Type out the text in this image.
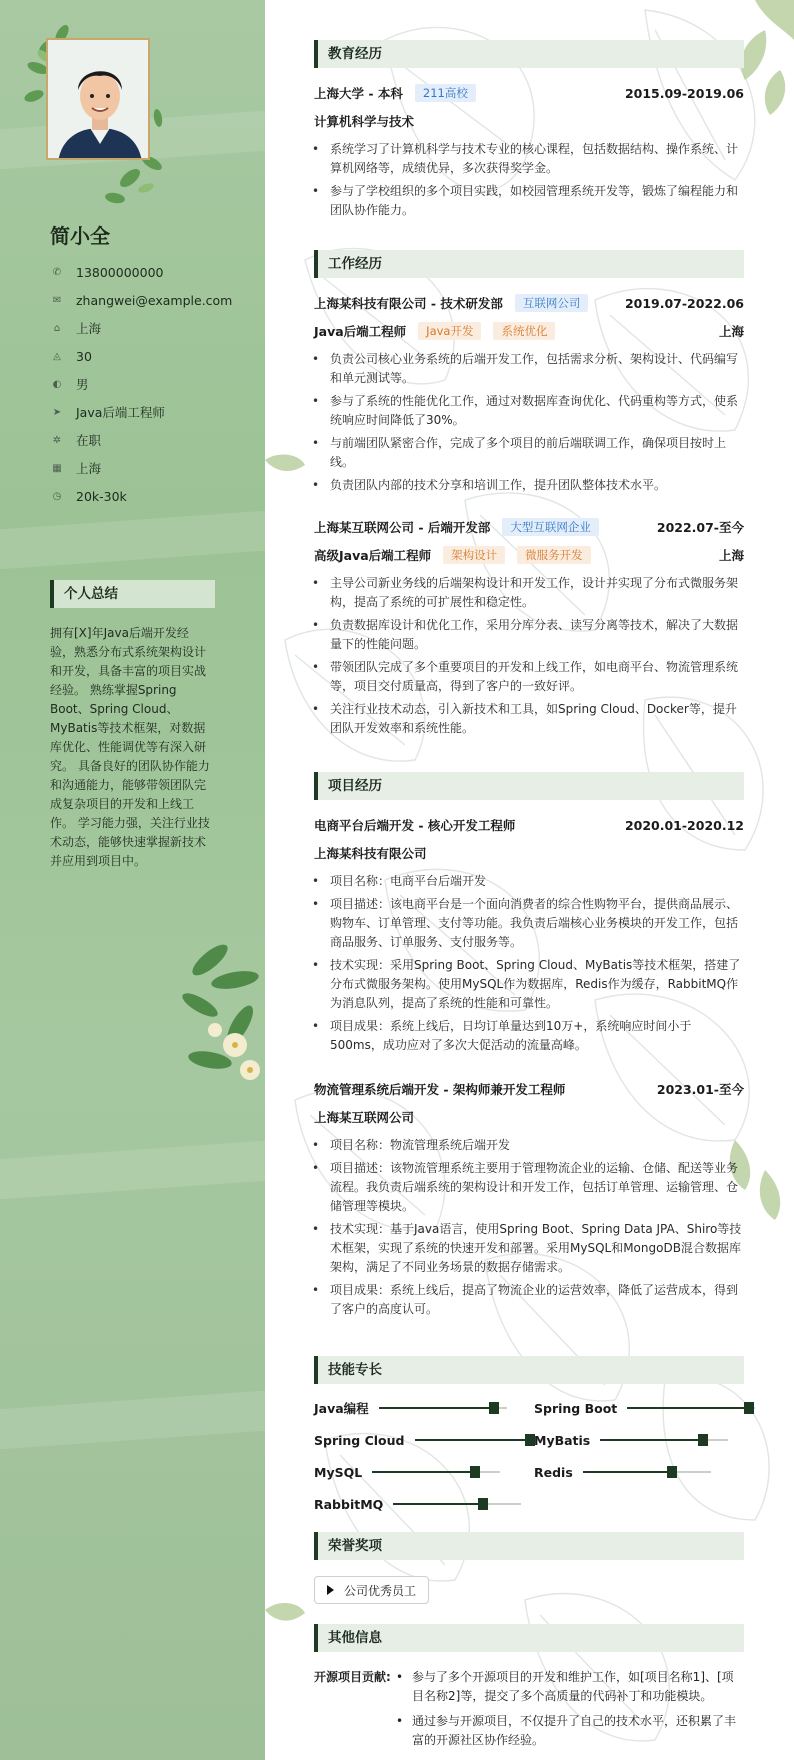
简小全
✆ 13800000000
✉ zhangwei@example.com
⌂	上海
◬ 30
◐ 男
➤ Java后端工程师
✲ 在职
▦ 上海
◷ 20k-30k
个人总结
拥有[X]年Java后端开发经验，熟悉分布式系统架构设计和开发，具备丰富的项目实战经验。 熟练掌握Spring Boot、Spring Cloud、MyBatis等技术框架，对数据库优化、性能调优等有深入研究。 具备良好的团队协作能力和沟通能力，能够带领团队完成复杂项目的开发和上线工作。 学习能力强，关注行业技术动态，能够快速掌握新技术并应用到项目中。
教育经历
上海大学 - 本科	211高校	2015.09-2019.06
计算机科学与技术
• 系统学习了计算机科学与技术专业的核心课程，包括数据结构、操作系统、计算机网络等，成绩优异，多次获得奖学金。
• 参与了学校组织的多个项目实践，如校园管理系统开发等，锻炼了编程能力和团队协作能力。
工作经历
上海某科技有限公司 - 技术研发部	互联网公司	2019.07-2022.06
Java后端工程师	Java开发	系统优化	上海
• 负责公司核心业务系统的后端开发工作，包括需求分析、架构设计、代码编写和单元测试等。
• 参与了系统的性能优化工作，通过对数据库查询优化、代码重构等方式，使系统响应时间降低了30%。
• 与前端团队紧密合作，完成了多个项目的前后端联调工作，确保项目按时上线。
• 负责团队内部的技术分享和培训工作，提升团队整体技术水平。
上海某互联网公司 - 后端开发部	大型互联网企业	2022.07-至今
高级Java后端工程师	架构设计	微服务开发	上海
• 主导公司新业务线的后端架构设计和开发工作，设计并实现了分布式微服务架构，提高了系统的可扩展性和稳定性。
• 负责数据库设计和优化工作，采用分库分表、读写分离等技术，解决了大数据量下的性能问题。
• 带领团队完成了多个重要项目的开发和上线工作，如电商平台、物流管理系统等，项目交付质量高，得到了客户的一致好评。
• 关注行业技术动态，引入新技术和工具，如Spring Cloud、Docker等，提升团队开发效率和系统性能。
项目经历
电商平台后端开发 - 核心开发工程师	2020.01-2020.12
上海某科技有限公司
• 项目名称：电商平台后端开发
• 项目描述：该电商平台是一个面向消费者的综合性购物平台，提供商品展示、购物车、订单管理、支付等功能。我负责后端核心业务模块的开发工作，包括商品服务、订单服务、支付服务等。
• 技术实现：采用Spring Boot、Spring Cloud、MyBatis等技术框架，搭建了分布式微服务架构。使用MySQL作为数据库，Redis作为缓存，RabbitMQ作为消息队列，提高了系统的性能和可靠性。
• 项目成果：系统上线后，日均订单量达到10万+，系统响应时间小于500ms，成功应对了多次大促活动的流量高峰。
物流管理系统后端开发 - 架构师兼开发工程师	2023.01-至今
上海某互联网公司
• 项目名称：物流管理系统后端开发
• 项目描述：该物流管理系统主要用于管理物流企业的运输、仓储、配送等业务流程。我负责后端系统的架构设计和开发工作，包括订单管理、运输管理、仓储管理等模块。
• 技术实现：基于Java语言，使用Spring Boot、Spring Data JPA、Shiro等技术框架，实现了系统的快速开发和部署。采用MySQL和MongoDB混合数据库架构，满足了不同业务场景的数据存储需求。
• 项目成果：系统上线后，提高了物流企业的运营效率，降低了运营成本，得到了客户的高度认可。
技能专长
Java编程	Spring Boot
Spring Cloud	MyBatis
MySQL	Redis
RabbitMQ
荣誉奖项
公司优秀员工
其他信息
开源项目贡献:
•	参与了多个开源项目的开发和维护工作，如[项目名称1]、[项目名称2]等，提交了多个高质量的代码补丁和功能模块。
• 通过参与开源项目，不仅提升了自己的技术水平，还积累了丰富的开源社区协作经验。
